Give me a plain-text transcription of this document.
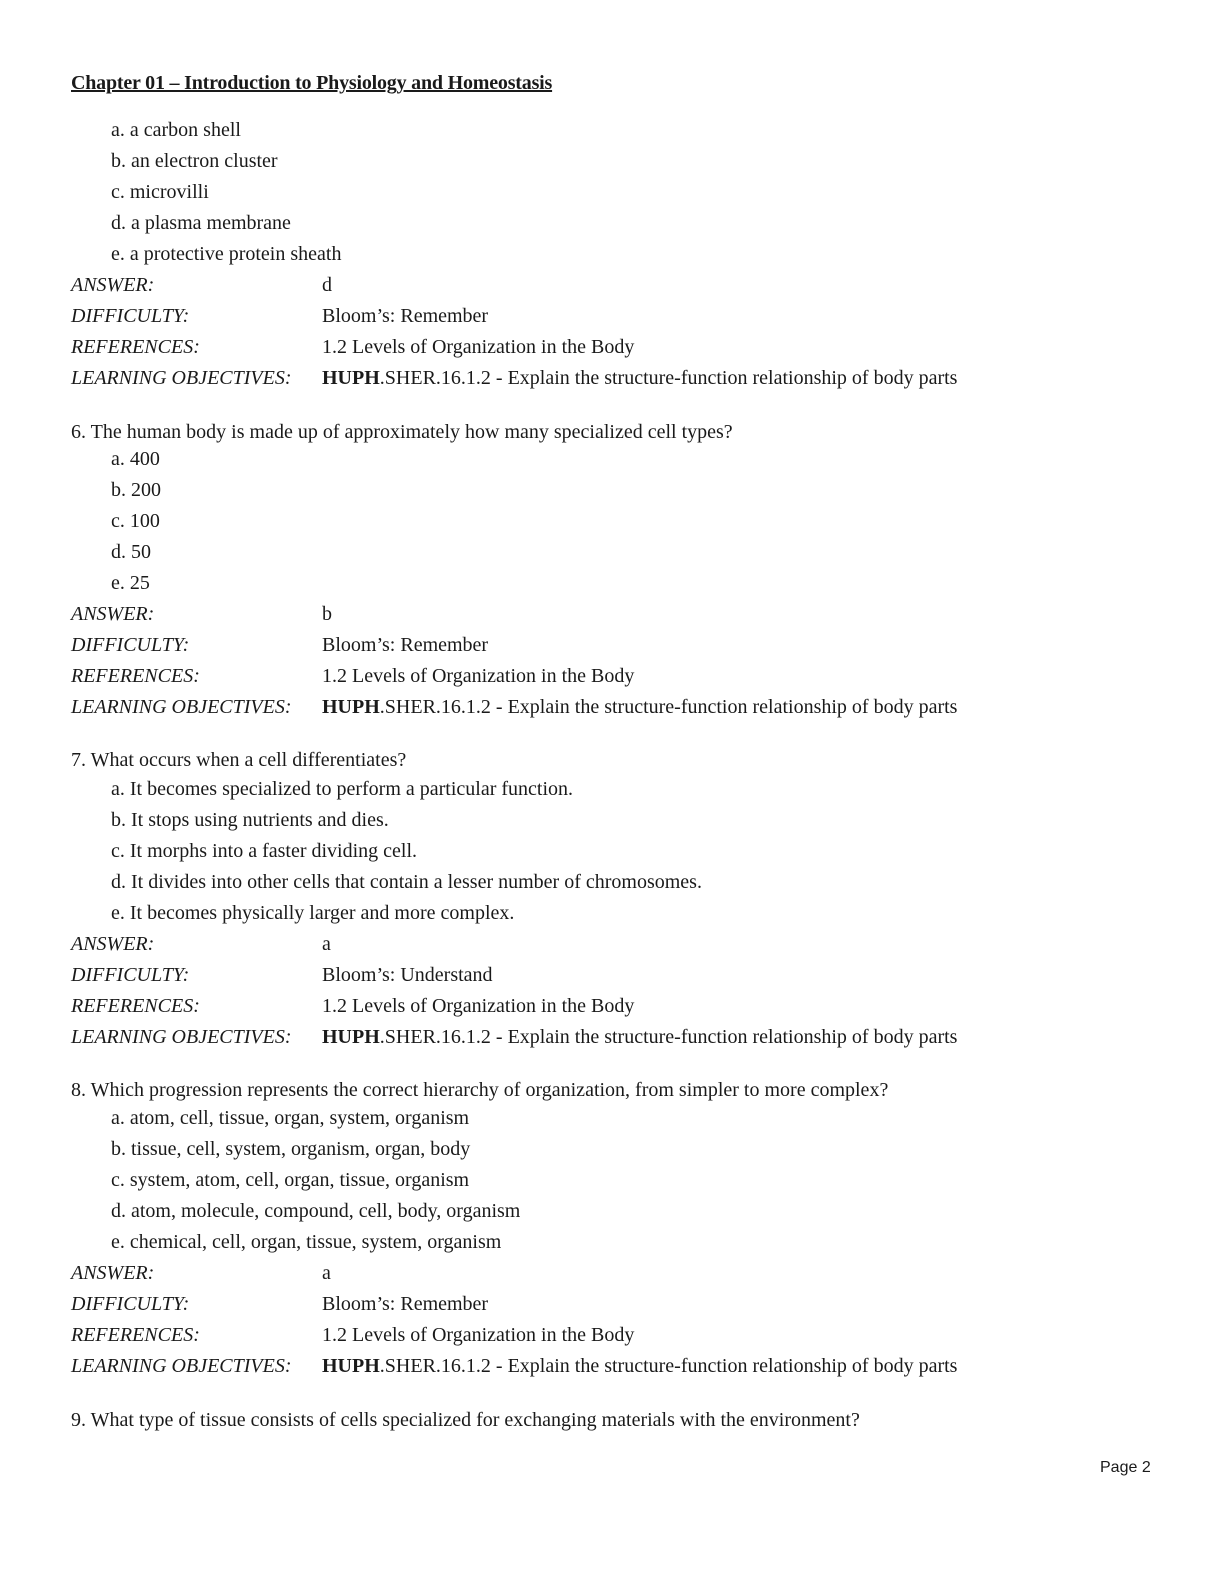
Chapter 01 – Introduction to Physiology and Homeostasis
a. a carbon shell
b. an electron cluster
c. microvilli
d. a plasma membrane
e. a protective protein sheath
ANSWER:	d
DIFFICULTY:	Bloom’s: Remember
REFERENCES:	1.2 Levels of Organization in the Body
LEARNING OBJECTIVES: HUPH.SHER.16.1.2 - Explain the structure-function relationship of body parts
6. The human body is made up of approximately how many specialized cell types?
a. 400
b. 200
c. 100
d. 50
e. 25
ANSWER:	b
DIFFICULTY:	Bloom’s: Remember
REFERENCES:	1.2 Levels of Organization in the Body
LEARNING OBJECTIVES: HUPH.SHER.16.1.2 - Explain the structure-function relationship of body parts
7. What occurs when a cell differentiates?
a. It becomes specialized to perform a particular function.
b. It stops using nutrients and dies.
c. It morphs into a faster dividing cell.
d. It divides into other cells that contain a lesser number of chromosomes.
e. It becomes physically larger and more complex.
ANSWER:	a
DIFFICULTY:	Bloom’s: Understand
REFERENCES:	1.2 Levels of Organization in the Body
LEARNING OBJECTIVES: HUPH.SHER.16.1.2 - Explain the structure-function relationship of body parts
8. Which progression represents the correct hierarchy of organization, from simpler to more complex?
a. atom, cell, tissue, organ, system, organism
b. tissue, cell, system, organism, organ, body
c. system, atom, cell, organ, tissue, organism
d. atom, molecule, compound, cell, body, organism
e. chemical, cell, organ, tissue, system, organism
ANSWER:	a
DIFFICULTY:	Bloom’s: Remember
REFERENCES:	1.2 Levels of Organization in the Body
LEARNING OBJECTIVES: HUPH.SHER.16.1.2 - Explain the structure-function relationship of body parts
9. What type of tissue consists of cells specialized for exchanging materials with the environment?
Page 2
